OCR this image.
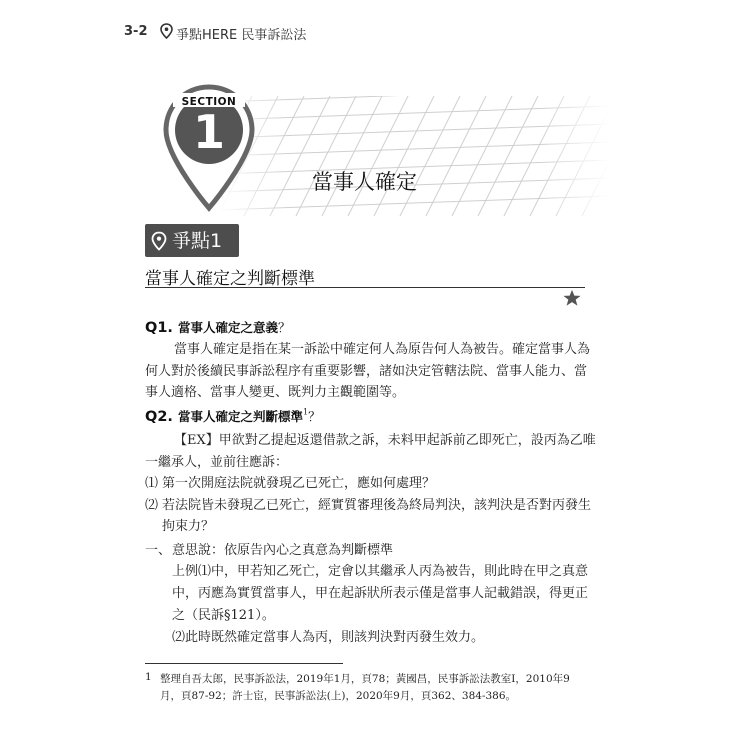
3-2 爭點HERE 民事訴訟法
SECTION
1
當事人確定
爭點1
當事人確定之判斷標準
Q1. 當事人確定之意義？
當事人確定是指在某一訴訟中確定何人為原告何人為被告。確定當事人為
何人對於後續民事訴訟程序有重要影響，諸如決定管轄法院、當事人能力、當
事人適格、當事人變更、既判力主觀範圍等。
Q2. 當事人確定之判斷標準$^1$？
【EX】甲欲對乙提起返還借款之訴，未料甲起訴前乙即死亡，設丙為乙唯
一繼承人，並前往應訴：
⑴ 第一次開庭法院就發現乙已死亡，應如何處理？
⑵ 若法院皆未發現乙已死亡，經實質審理後為終局判決，該判決是否對丙發生
拘束力？
一、 意思說：依原告內心之真意為判斷標準
上例⑴中，甲若知乙死亡，定會以其繼承人丙為被告，則此時在甲之真意
中，丙應為實質當事人，甲在起訴狀所表示僅是當事人記載錯誤，得更正
之（民訴§121）。
⑵此時既然確定當事人為丙，則該判決對丙發生效力。
1 整理自吾太郎，民事訴訟法，2019年1月，頁78；黃國昌，民事訴訟法教室I，2010年9
月，頁87-92；許士宦，民事訴訟法(上)，2020年9月，頁362、384-386。
